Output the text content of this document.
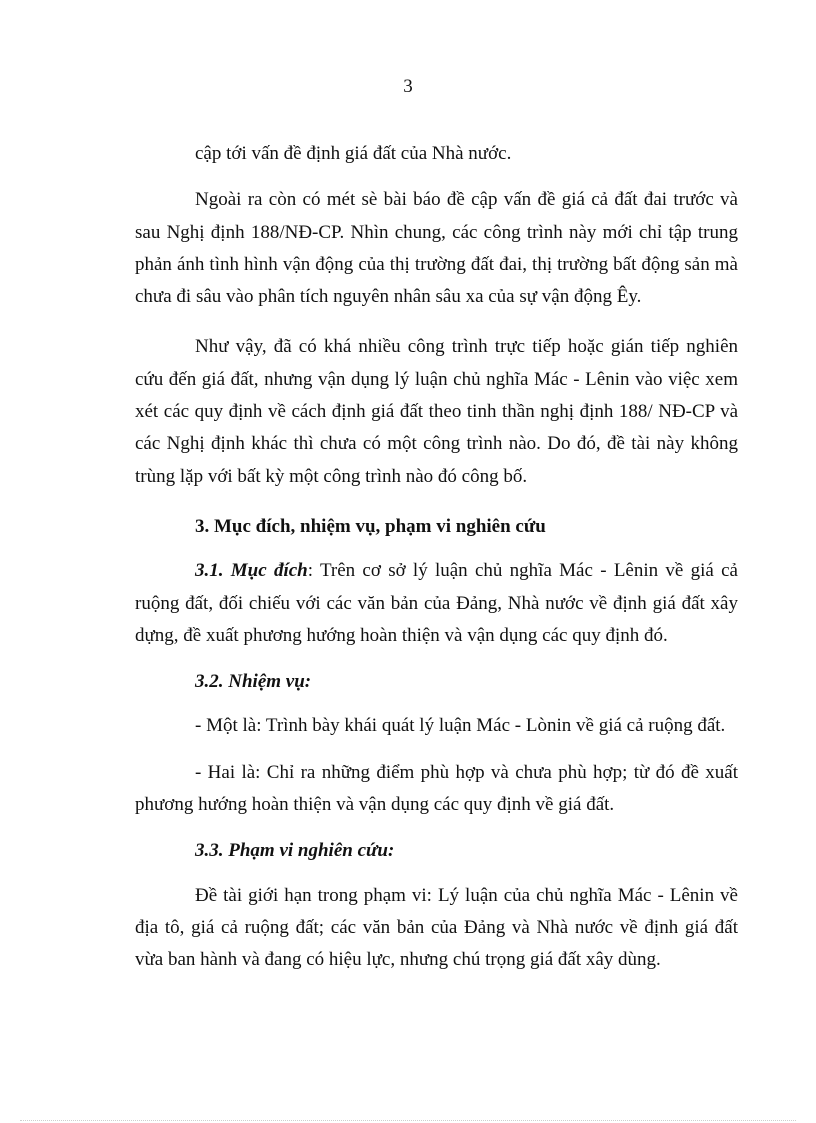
3

cập tới vấn đề định giá đất của Nhà nước.

Ngoài ra còn có mét sè bài báo đề cập vấn đề giá cả đất đai trước và sau Nghị định 188/NĐ-CP. Nhìn chung, các công trình này mới chỉ tập trung phản ánh tình hình vận động của thị trường đất đai, thị trường bất động sản mà chưa đi sâu vào phân tích nguyên nhân sâu xa của sự vận động Êy.

Như vậy, đã có khá nhiều công trình trực tiếp hoặc gián tiếp nghiên cứu đến giá đất, nhưng vận dụng lý luận chủ nghĩa Mác - Lênin vào việc xem xét các quy định về cách định giá đất theo tinh thần nghị định 188/ NĐ-CP và các Nghị định khác thì chưa có một công trình nào. Do đó, đề tài này không trùng lặp với bất kỳ một công trình nào đó công bố.

3. Mục đích, nhiệm vụ, phạm vi nghiên cứu

3.1. Mục đích: Trên cơ sở lý luận chủ nghĩa Mác - Lênin về giá cả ruộng đất, đối chiếu với các văn bản của Đảng, Nhà nước về định giá đất xây dựng, đề xuất phương hướng hoàn thiện và vận dụng các quy định đó.

3.2. Nhiệm vụ:

- Một là: Trình bày khái quát lý luận Mác - Lònin về giá cả ruộng đất.

- Hai là: Chỉ ra những điểm phù hợp và chưa phù hợp; từ đó đề xuất phương hướng hoàn thiện và vận dụng các quy định về giá đất.

3.3. Phạm vi nghiên cứu:

Đề tài giới hạn trong phạm vi: Lý luận của chủ nghĩa Mác - Lênin về địa tô, giá cả ruộng đất; các văn bản của Đảng và Nhà nước về định giá đất vừa ban hành và đang có hiệu lực, nhưng chú trọng giá đất xây dùng.
